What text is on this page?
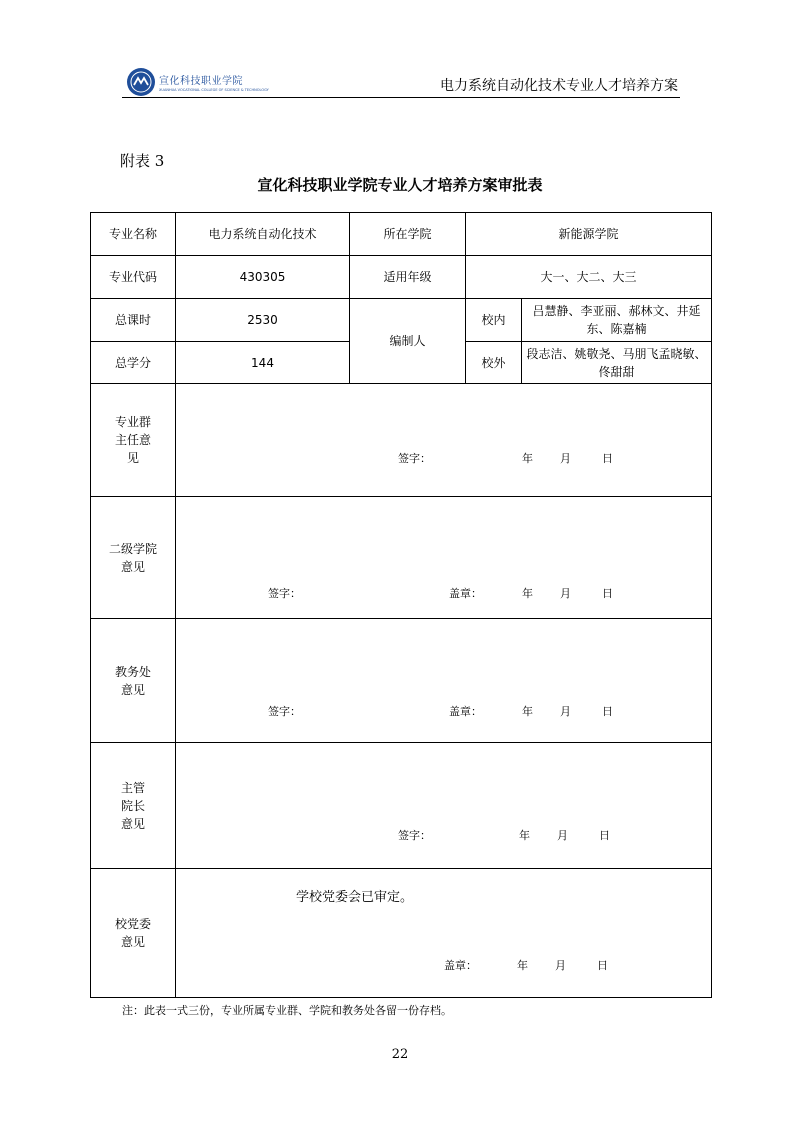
宣化科技职业学院
XUANHUA VOCATIONAL COLLEGE OF SCIENCE & TECHNOLOGY	电力系统自动化技术专业人才培养方案
附表 3
宣化科技职业学院专业人才培养方案审批表
专业名称	电力系统自动化技术	所在学院	新能源学院	
专业代码	430305	适用年级	大一、大二、大三	
总课时	2530	编制人	校内	吕慧静、李亚丽、郝林文、井延东、陈嘉楠
总学分	144		校外	段志洁、姚敬尧、马朋飞孟晓敏、佟甜甜

专业群主任意见	签字： 年 月 日			

二级学院意见	签字： 盖章： 年 月 日			

教务处意见	签字： 盖章： 年 月 日			

主管院长意见	签字： 年 月 日			

校党委意见	学校党委会已审定。
盖章： 年 月 日			
注：此表一式三份，专业所属专业群、学院和教务处各留一份存档。
22
